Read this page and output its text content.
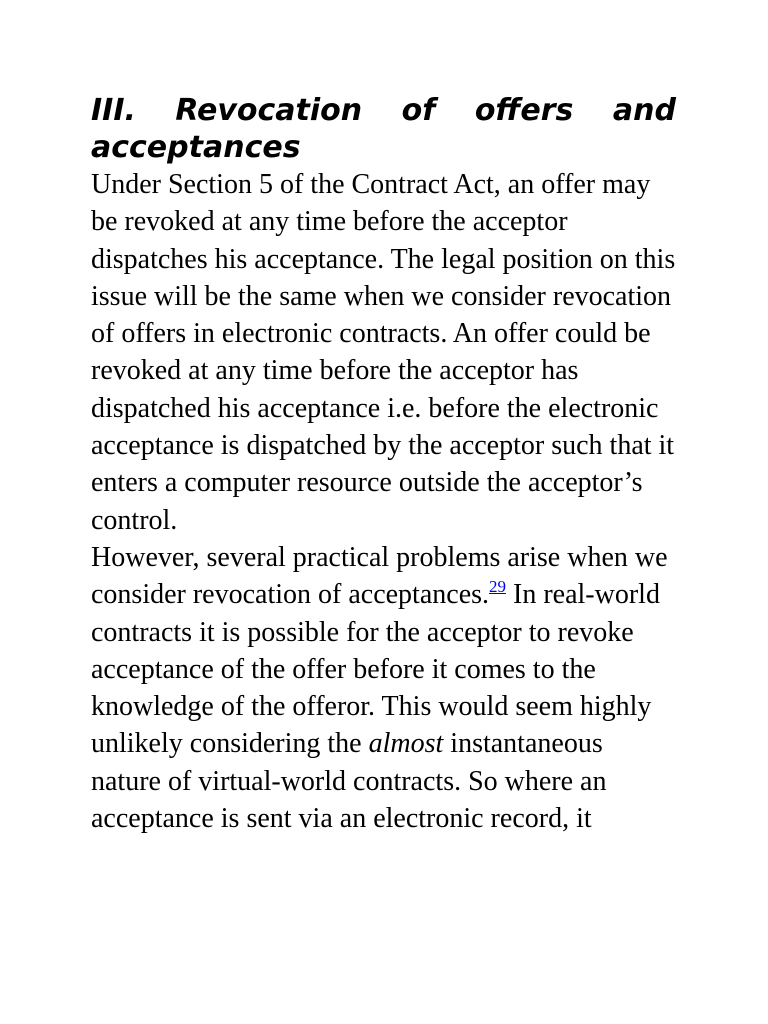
III. Revocation of offers and acceptances

Under Section 5 of the Contract Act, an offer may be revoked at any time before the acceptor dispatches his acceptance. The legal position on this issue will be the same when we consider revocation of offers in electronic contracts. An offer could be revoked at any time before the acceptor has dispatched his acceptance i.e. before the electronic acceptance is dispatched by the acceptor such that it enters a computer resource outside the acceptor’s control.

However, several practical problems arise when we consider revocation of acceptances.$^{29}$ In real-world contracts it is possible for the acceptor to revoke acceptance of the offer before it comes to the knowledge of the offeror. This would seem highly unlikely considering the almost instantaneous nature of virtual-world contracts. So where an acceptance is sent via an electronic record, it
